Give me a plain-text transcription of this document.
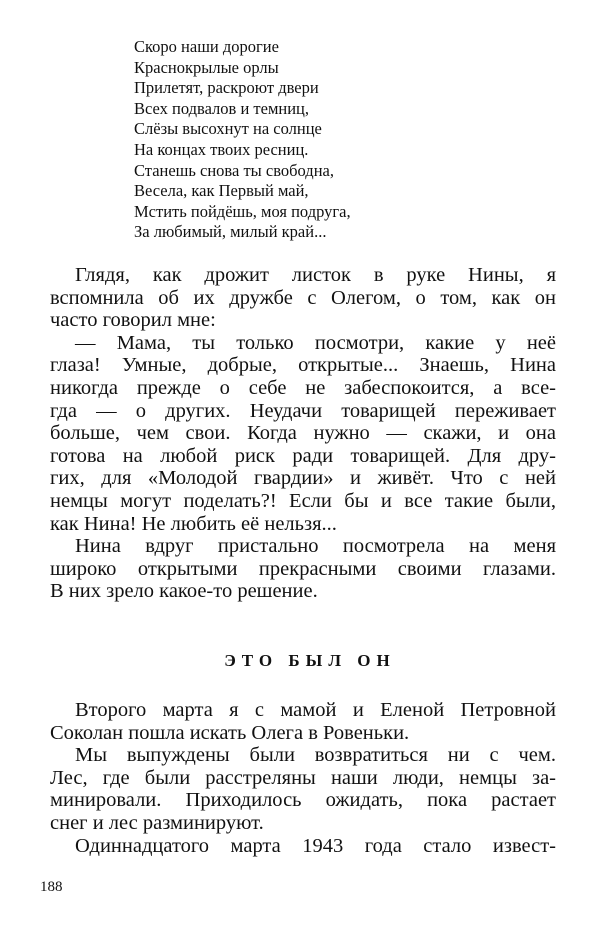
Скоро наши дорогие
Краснокрылые орлы
Прилетят, раскроют двери
Всех подвалов и темниц,
Слёзы высохнут на солнце
На концах твоих ресниц.
Станешь снова ты свободна,
Весела, как Первый май,
Мстить пойдёшь, моя подруга,
За любимый, милый край...
Глядя, как дрожит листок в руке Нины, я
вспомнила об их дружбе с Олегом, о том, как он
часто говорил мне:
— Мама, ты только посмотри, какие у неё
глаза! Умные, добрые, открытые... Знаешь, Нина
никогда прежде о себе не забеспокоится, а все-
гда — о других. Неудачи товарищей переживает
больше, чем свои. Когда нужно — скажи, и она
готова на любой риск ради товарищей. Для дру-
гих, для «Молодой гвардии» и живёт. Что с ней
немцы могут поделать?! Если бы и все такие были,
как Нина! Не любить её нельзя...
Нина вдруг пристально посмотрела на меня
широко открытыми прекрасными своими глазами.
В них зрело какое-то решение.
ЭТО БЫЛ ОН
Второго марта я с мамой и Еленой Петровной
Соколан пошла искать Олега в Ровеньки.
Мы выпуждены были возвратиться ни с чем.
Лес, где были расстреляны наши люди, немцы за-
минировали. Приходилось ожидать, пока растает
снег и лес разминируют.
Одиннадцатого марта 1943 года стало извест-
188
